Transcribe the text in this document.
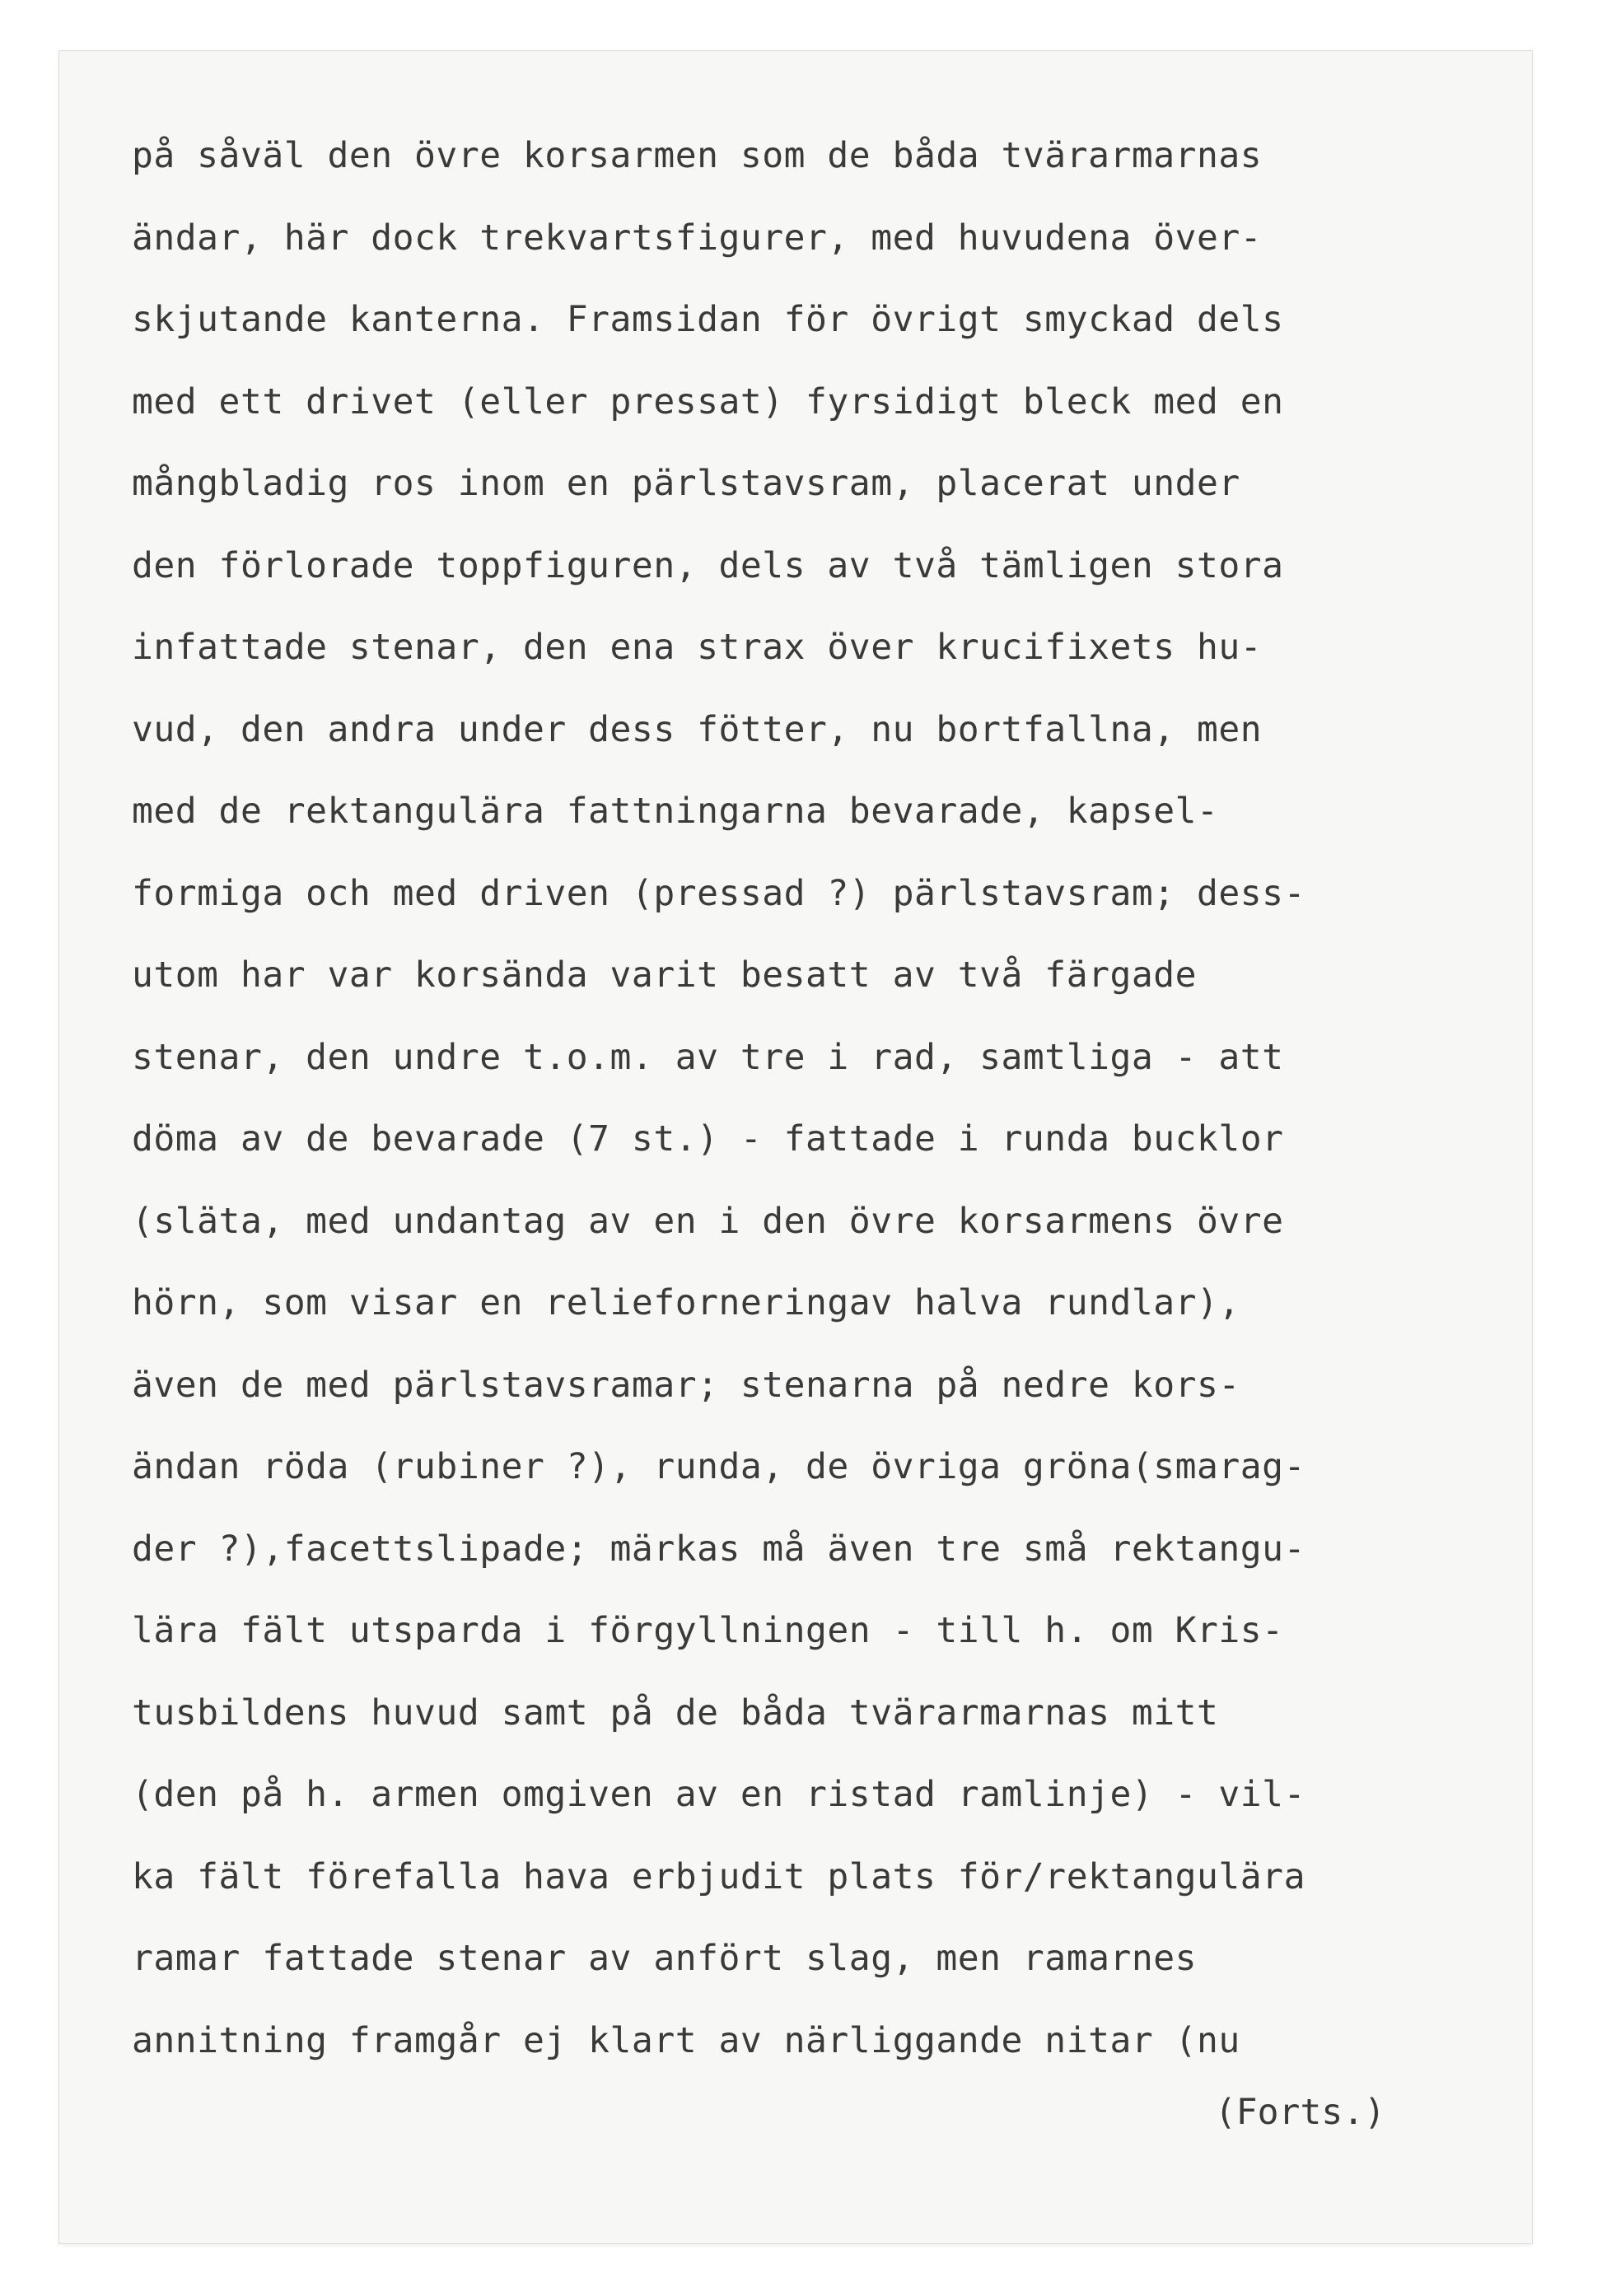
på såväl den övre korsarmen som de båda tvärarmarnas
ändar, här dock trekvartsfigurer, med huvudena över-
skjutande kanterna. Framsidan för övrigt smyckad dels
med ett drivet (eller pressat) fyrsidigt bleck med en
mångbladig ros inom en pärlstavsram, placerat under
den förlorade toppfiguren, dels av två tämligen stora
infattade stenar, den ena strax över krucifixets hu-
vud, den andra under dess fötter, nu bortfallna, men
med de rektangulära fattningarna bevarade, kapsel-
formiga och med driven (pressad ?) pärlstavsram; dess-
utom har var korsända varit besatt av två färgade
stenar, den undre t.o.m. av tre i rad, samtliga - att
döma av de bevarade (7 st.) - fattade i runda bucklor
(släta, med undantag av en i den övre korsarmens övre
hörn, som visar en relieforneringav halva rundlar),
även de med pärlstavsramar; stenarna på nedre kors-
ändan röda (rubiner ?), runda, de övriga gröna(smarag-
der ?),facettslipade; märkas må även tre små rektangu-
lära fält utsparda i förgyllningen - till h. om Kris-
tusbildens huvud samt på de båda tvärarmarnas mitt
(den på h. armen omgiven av en ristad ramlinje) - vil-
ka fält förefalla hava erbjudit plats för/rektangulära
ramar fattade stenar av anfört slag, men ramarnes
annitning framgår ej klart av närliggande nitar (nu
(Forts.)
